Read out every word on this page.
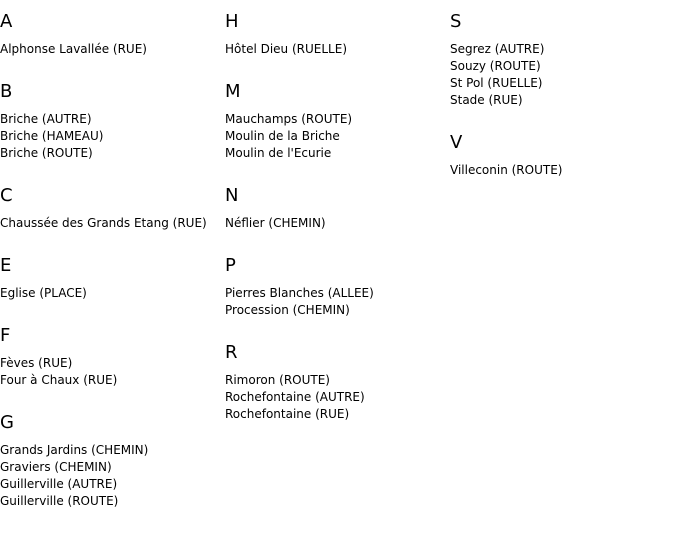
A
Alphonse Lavallée (RUE)
B
Briche (AUTRE)
Briche (HAMEAU)
Briche (ROUTE)
C
Chaussée des Grands Etang (RUE)
E
Eglise (PLACE)
F
Fèves (RUE)
Four à Chaux (RUE)
G
Grands Jardins (CHEMIN)
Graviers (CHEMIN)
Guillerville (AUTRE)
Guillerville (ROUTE)
H
Hôtel Dieu (RUELLE)
M
Mauchamps (ROUTE)
Moulin de la Briche
Moulin de l'Ecurie
N
Néflier (CHEMIN)
P
Pierres Blanches (ALLEE)
Procession (CHEMIN)
R
Rimoron (ROUTE)
Rochefontaine (AUTRE)
Rochefontaine (RUE)
S
Segrez (AUTRE)
Souzy (ROUTE)
St Pol (RUELLE)
Stade (RUE)
V
Villeconin (ROUTE)
